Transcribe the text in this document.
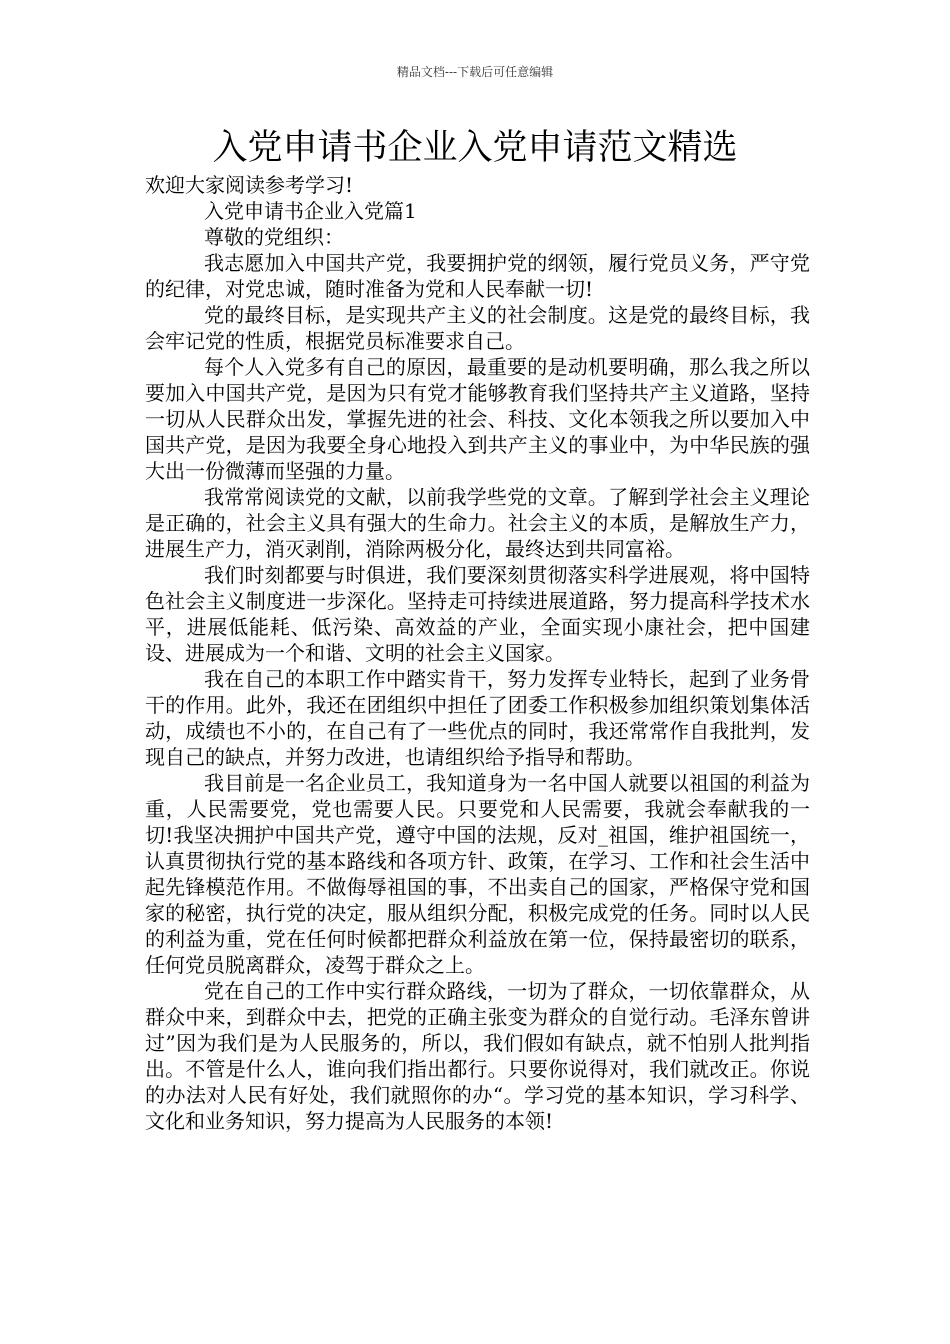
精品文档---下载后可任意编辑
入党申请书企业入党申请范文精选

欢迎大家阅读参考学习!

入党申请书企业入党篇1

尊敬的党组织：

我志愿加入中国共产党，我要拥护党的纲领，履行党员义务，严守党的纪律，对党忠诚，随时准备为党和人民奉献一切!

党的最终目标，是实现共产主义的社会制度。这是党的最终目标，我会牢记党的性质，根据党员标准要求自己。

每个人入党多有自己的原因，最重要的是动机要明确，那么我之所以要加入中国共产党，是因为只有党才能够教育我们坚持共产主义道路，坚持一切从人民群众出发，掌握先进的社会、科技、文化本领我之所以要加入中国共产党，是因为我要全身心地投入到共产主义的事业中，为中华民族的强大出一份微薄而坚强的力量。

我常常阅读党的文献，以前我学些党的文章。了解到学社会主义理论是正确的，社会主义具有强大的生命力。社会主义的本质，是解放生产力，进展生产力，消灭剥削，消除两极分化，最终达到共同富裕。

我们时刻都要与时俱进，我们要深刻贯彻落实科学进展观，将中国特色社会主义制度进一步深化。坚持走可持续进展道路，努力提高科学技术水平，进展低能耗、低污染、高效益的产业，全面实现小康社会，把中国建设、进展成为一个和谐、文明的社会主义国家。

我在自己的本职工作中踏实肯干，努力发挥专业特长，起到了业务骨干的作用。此外，我还在团组织中担任了团委工作积极参加组织策划集体活动，成绩也不小的，在自己有了一些优点的同时，我还常常作自我批判，发现自己的缺点，并努力改进，也请组织给予指导和帮助。

我目前是一名企业员工，我知道身为一名中国人就要以祖国的利益为重，人民需要党，党也需要人民。只要党和人民需要，我就会奉献我的一切!我坚决拥护中国共产党，遵守中国的法规，反对_祖国，维护祖国统一，认真贯彻执行党的基本路线和各项方针、政策，在学习、工作和社会生活中起先锋模范作用。不做侮辱祖国的事，不出卖自己的国家，严格保守党和国家的秘密，执行党的决定，服从组织分配，积极完成党的任务。同时以人民的利益为重，党在任何时候都把群众利益放在第一位，保持最密切的联系，任何党员脱离群众，凌驾于群众之上。

党在自己的工作中实行群众路线，一切为了群众，一切依靠群众，从群众中来，到群众中去，把党的正确主张变为群众的自觉行动。毛泽东曾讲过”因为我们是为人民服务的，所以，我们假如有缺点，就不怕别人批判指出。不管是什么人，谁向我们指出都行。只要你说得对，我们就改正。你说的办法对人民有好处，我们就照你的办“。学习党的基本知识，学习科学、文化和业务知识，努力提高为人民服务的本领!
